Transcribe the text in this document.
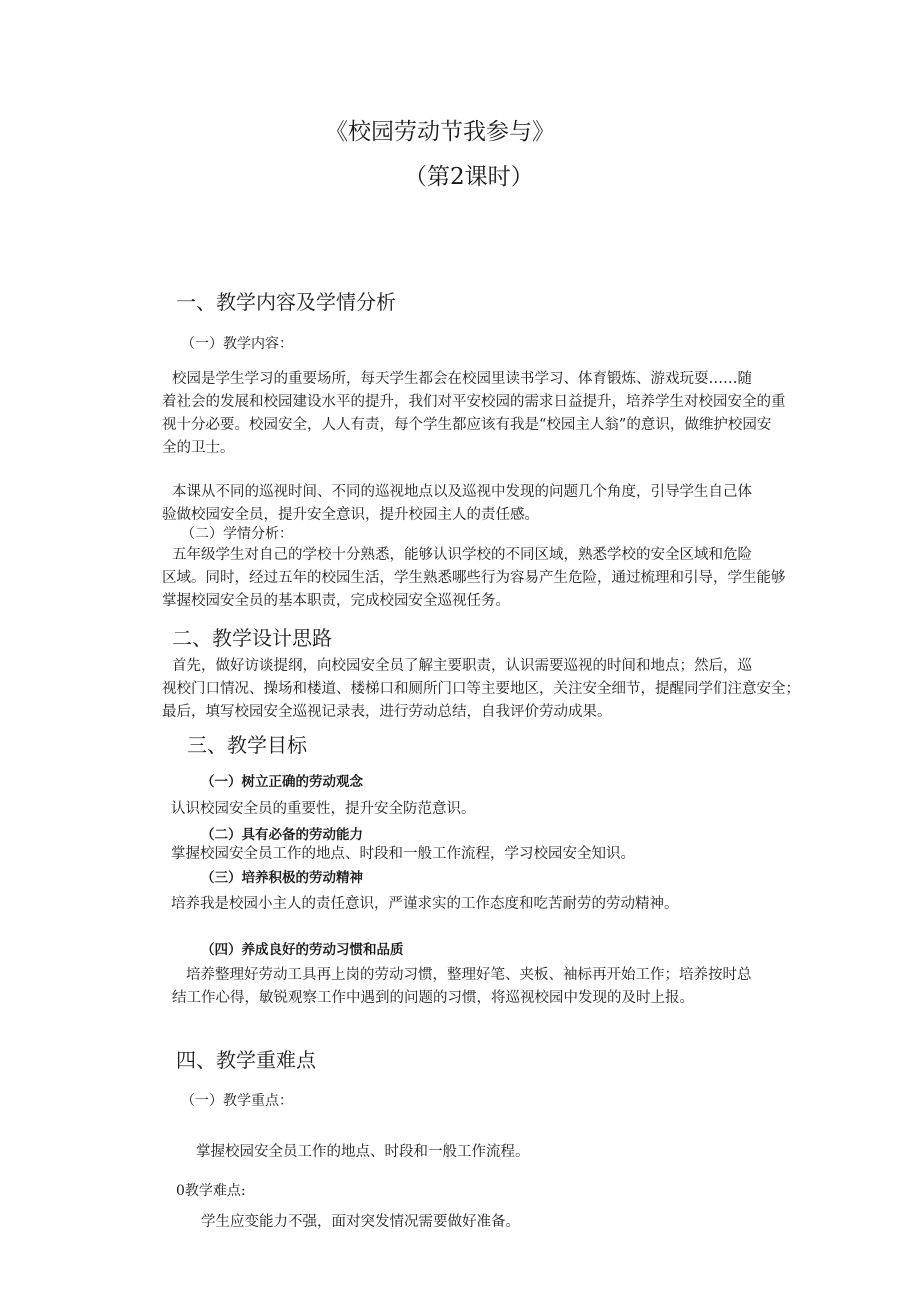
《校园劳动节我参与》
（第2课时）
一、教学内容及学情分析
（一）教学内容：
校园是学生学习的重要场所，每天学生都会在校园里读书学习、体育锻炼、游戏玩耍……随
着社会的发展和校园建设水平的提升，我们对平安校园的需求日益提升，培养学生对校园安全的重
视十分必要。校园安全，人人有责，每个学生都应该有我是“校园主人翁”的意识，做维护校园安
全的卫士。
本课从不同的巡视时间、不同的巡视地点以及巡视中发现的问题几个角度，引导学生自己体
验做校园安全员，提升安全意识，提升校园主人的责任感。
（二）学情分析：
五年级学生对自己的学校十分熟悉，能够认识学校的不同区域，熟悉学校的安全区域和危险
区域。同时，经过五年的校园生活，学生熟悉哪些行为容易产生危险，通过梳理和引导，学生能够
掌握校园安全员的基本职责，完成校园安全巡视任务。
二、教学设计思路
首先，做好访谈提纲，向校园安全员了解主要职责，认识需要巡视的时间和地点；然后，巡
视校门口情况、操场和楼道、楼梯口和厕所门口等主要地区，关注安全细节，提醒同学们注意安全；
最后，填写校园安全巡视记录表，进行劳动总结，自我评价劳动成果。
三、教学目标
（一）树立正确的劳动观念
认识校园安全员的重要性，提升安全防范意识。
（二）具有必备的劳动能力
掌握校园安全员工作的地点、时段和一般工作流程，学习校园安全知识。
（三）培养积极的劳动精神
培养我是校园小主人的责任意识，严谨求实的工作态度和吃苦耐劳的劳动精神。
（四）养成良好的劳动习惯和品质
培养整理好劳动工具再上岗的劳动习惯，整理好笔、夹板、袖标再开始工作；培养按时总
结工作心得，敏锐观察工作中遇到的问题的习惯，将巡视校园中发现的及时上报。
四、教学重难点
（一）教学重点：
掌握校园安全员工作的地点、时段和一般工作流程。
0教学难点:
学生应变能力不强，面对突发情况需要做好准备。
